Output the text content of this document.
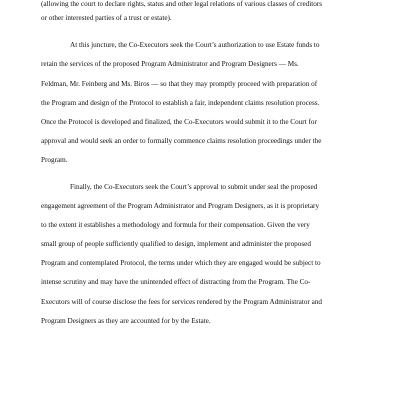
(allowing the court to declare rights, status and other legal relations of various classes of creditors
or other interested parties of a trust or estate).
At this juncture, the Co-Executors seek the Court’s authorization to use Estate funds to
retain the services of the proposed Program Administrator and Program Designers — Ms.
Feldman, Mr. Feinberg and Ms. Biros — so that they may promptly proceed with preparation of
the Program and design of the Protocol to establish a fair, independent claims resolution process.
Once the Protocol is developed and finalized, the Co-Executors would submit it to the Court for
approval and would seek an order to formally commence claims resolution proceedings under the
Program.
Finally, the Co-Executors seek the Court’s approval to submit under seal the proposed
engagement agreement of the Program Administrator and Program Designers, as it is proprietary
to the extent it establishes a methodology and formula for their compensation. Given the very
small group of people sufficiently qualified to design, implement and administer the proposed
Program and contemplated Protocol, the terms under which they are engaged would be subject to
intense scrutiny and may have the unintended effect of distracting from the Program. The Co-
Executors will of course disclose the fees for services rendered by the Program Administrator and
Program Designers as they are accounted for by the Estate.
